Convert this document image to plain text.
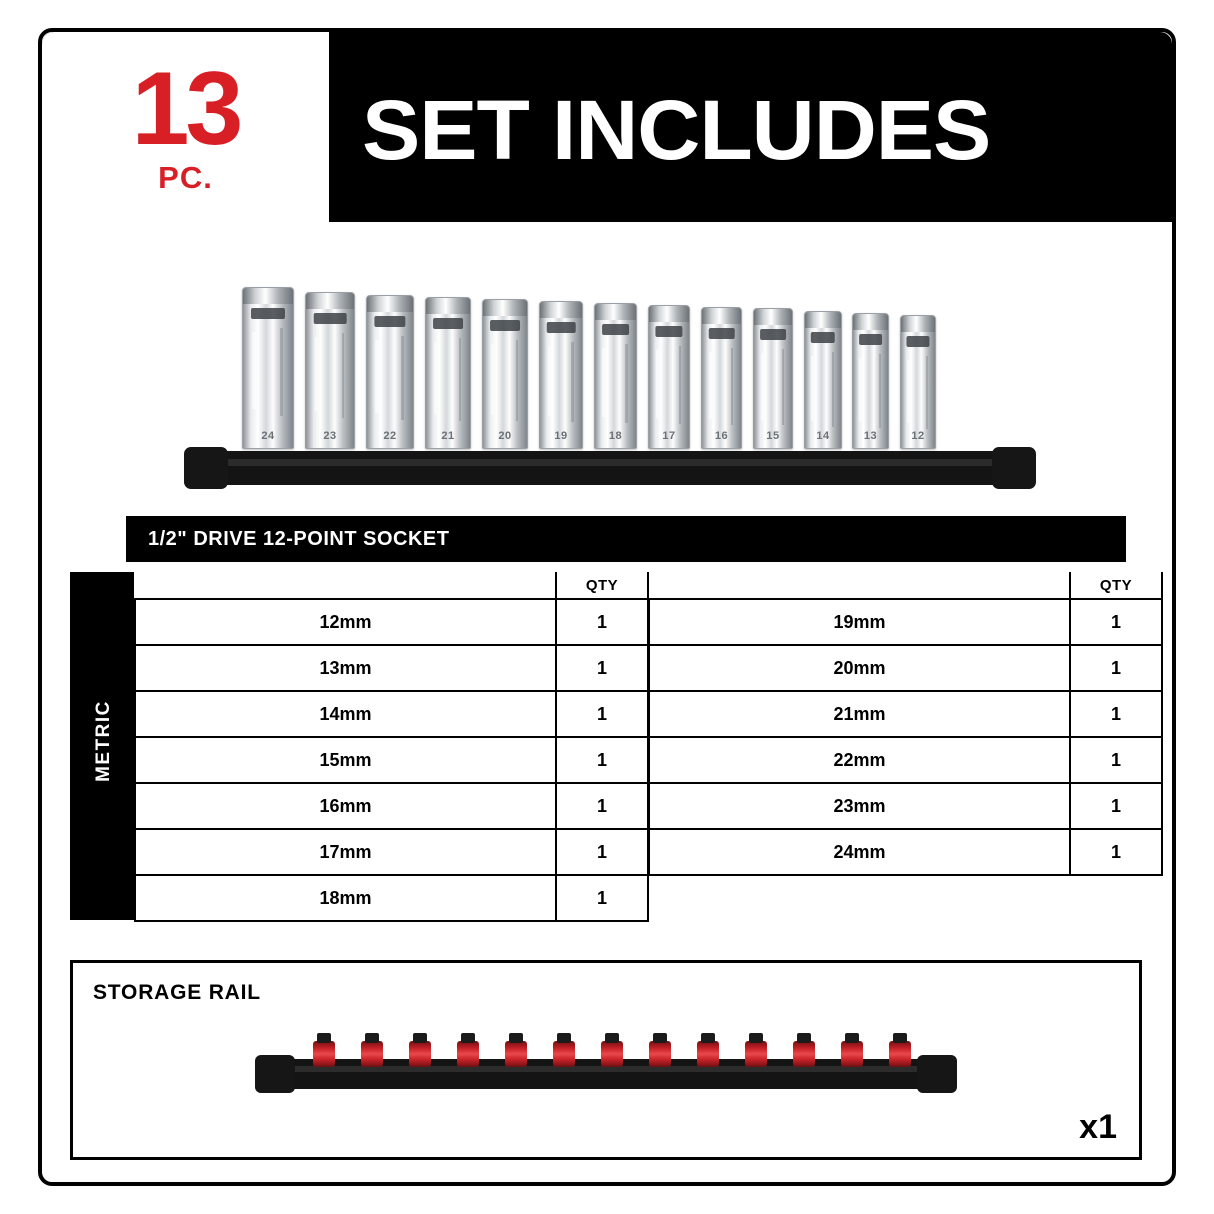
13
PC.
SET INCLUDES
24	23	22	21	20	19	18	17	16	15	14	13	12
1/2" DRIVE 12-POINT SOCKET
METRIC
	QTY
12mm	1
13mm	1
14mm	1
15mm	1
16mm	1
17mm	1
18mm	1
	QTY
19mm	1
20mm	1
21mm	1
22mm	1
23mm	1
24mm	1
STORAGE RAIL
x1
